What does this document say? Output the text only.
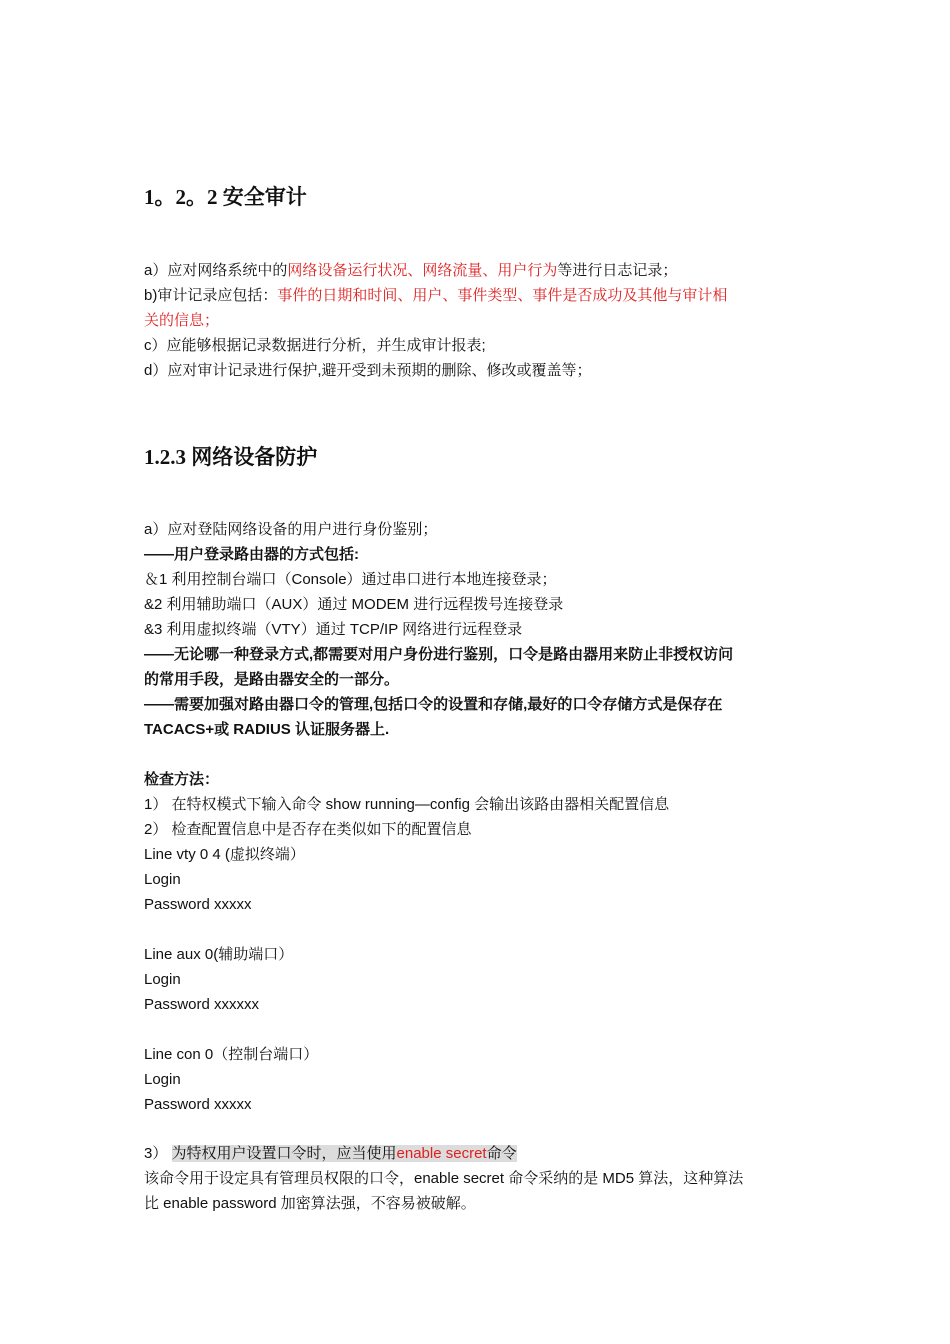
1。2。2 安全审计
a）应对网络系统中的网络设备运行状况、网络流量、用户行为等进行日志记录；
b)审计记录应包括：事件的日期和时间、用户、事件类型、事件是否成功及其他与审计相
关的信息；
c）应能够根据记录数据进行分析，并生成审计报表;
d）应对审计记录进行保护,避开受到未预期的删除、修改或覆盖等；
1.2.3 网络设备防护
a）应对登陆网络设备的用户进行身份鉴别；
——用户登录路由器的方式包括:
＆1 利用控制台端口（Console）通过串口进行本地连接登录；
&2 利用辅助端口（AUX）通过 MODEM 进行远程拨号连接登录
&3 利用虚拟终端（VTY）通过 TCP/IP 网络进行远程登录
——无论哪一种登录方式,都需要对用户身份进行鉴别，口令是路由器用来防止非授权访问
的常用手段，是路由器安全的一部分。
——需要加强对路由器口令的管理,包括口令的设置和存储,最好的口令存储方式是保存在
TACACS+或 RADIUS 认证服务器上.
检查方法：
1） 在特权模式下输入命令 show running—config 会输出该路由器相关配置信息
2） 检查配置信息中是否存在类似如下的配置信息
Line vty 0 4 (虚拟终端）
Login
Password xxxxx
Line aux 0(辅助端口）
Login
Password xxxxxx
Line con 0（控制台端口）
Login
Password xxxxx
3） 为特权用户设置口令时，应当使用enable secret命令
该命令用于设定具有管理员权限的口令，enable secret 命令采纳的是 MD5 算法，这种算法
比 enable password 加密算法强，不容易被破解。
